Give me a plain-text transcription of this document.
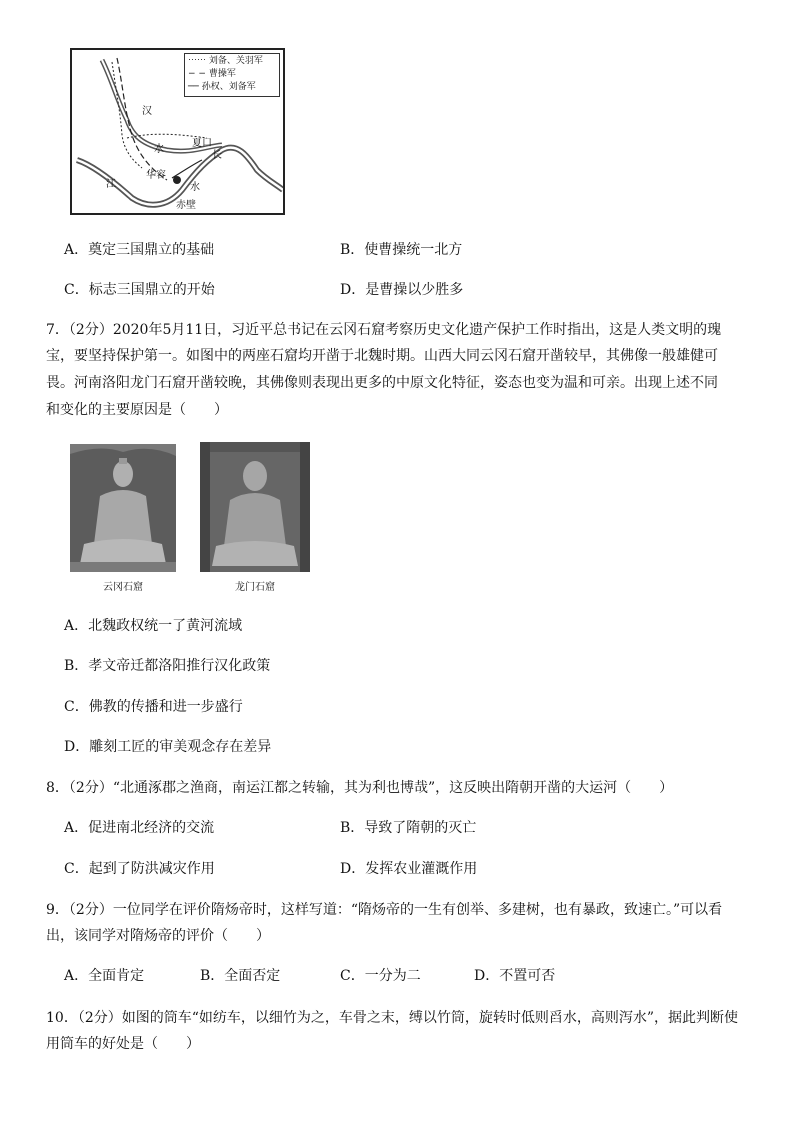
⋯⋯ 刘备、关羽军
− − 曹操军
── 孙权、刘备军
汉
水
夏口
华容
江	水
赤壁
长
A．奠定三国鼎立的基础	B．使曹操统一北方
C．标志三国鼎立的开始	D．是曹操以少胜多
7．（2分）2020年5月11日，习近平总书记在云冈石窟考察历史文化遗产保护工作时指出，这是人类文明的瑰
宝，要坚持保护第一。如图中的两座石窟均开凿于北魏时期。山西大同云冈石窟开凿较早，其佛像一般雄健可
畏。河南洛阳龙门石窟开凿较晚，其佛像则表现出更多的中原文化特征，姿态也变为温和可亲。出现上述不同
和变化的主要原因是（　　）
云冈石窟	龙门石窟
A．北魏政权统一了黄河流域
B．孝文帝迁都洛阳推行汉化政策
C．佛教的传播和进一步盛行
D．雕刻工匠的审美观念存在差异
8．（2分）“北通涿郡之渔商，南运江都之转输，其为利也博哉”，这反映出隋朝开凿的大运河（　　）
A．促进南北经济的交流	B．导致了隋朝的灭亡
C．起到了防洪减灾作用	D．发挥农业灌溉作用
9．（2分）一位同学在评价隋炀帝时，这样写道：“隋炀帝的一生有创举、多建树，也有暴政，致速亡。”可以看
出，该同学对隋炀帝的评价（　　）
A．全面肯定	B．全面否定	C．一分为二	D．不置可否
10．（2分）如图的筒车“如纺车，以细竹为之，车骨之末，缚以竹筒，旋转时低则舀水，高则泻水”，据此判断使
用筒车的好处是（　　）
